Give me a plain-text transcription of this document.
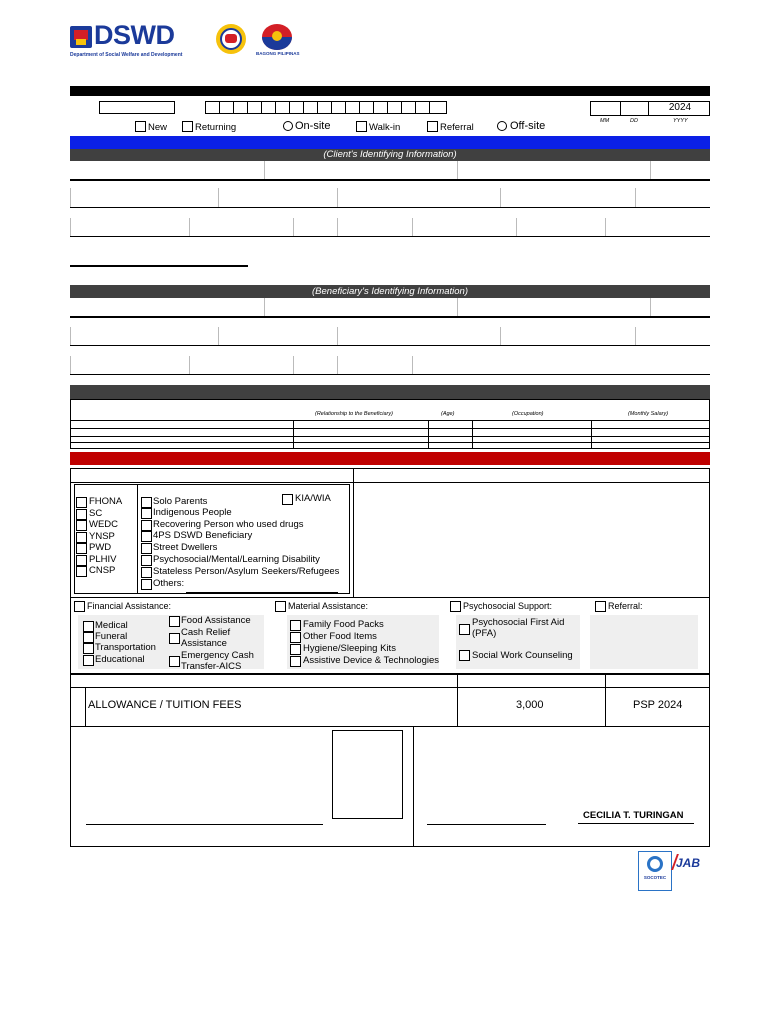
DSWD
Department of Social Welfare and Development	BAGONG PILIPINAS
2024
MM	DD	YYYY
New	Returning	On-site	Walk-in	Referral	Off-site
(Client's Identifying Information)
(Beneficiary's Identifying Information)
(Relationship to the Beneficiary)	(Age)	(Occupation)	(Monthly Salary)
FHONA
SC
WEDC
YNSP
PWD
PLHIV
CNSP
Solo Parents
Indigenous People
Recovering Person who used drugs
4PS DSWD Beneficiary
Street Dwellers
Psychosocial/Mental/Learning Disability
Stateless Person/Asylum Seekers/Refugees
Others:
KIA/WIA
Financial Assistance:
Medical
Funeral
Transportation
Educational
Food Assistance
Cash Relief Assistance
Emergency Cash Transfer-AICS
Material Assistance:
Family Food Packs
Other Food Items
Hygiene/Sleeping Kits
Assistive Device & Technologies
Psychosocial Support:
Psychosocial First Aid (PFA)
Social Work Counseling
Referral:
ALLOWANCE / TUITION FEES	3,000	PSP 2024
CECILIA T. TURINGAN
SOCOTEC
JAB
